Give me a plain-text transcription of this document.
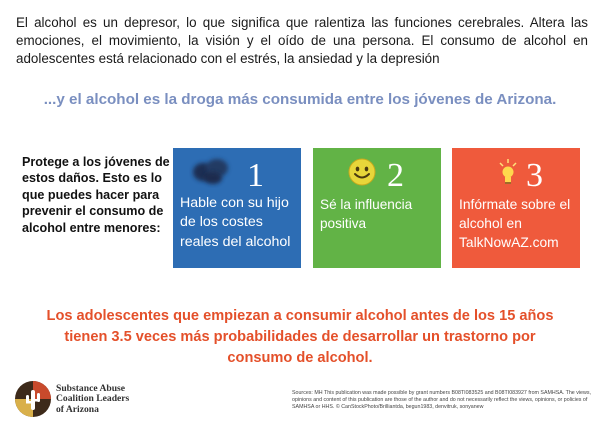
El alcohol es un depresor, lo que significa que ralentiza las funciones cerebrales. Altera las emociones, el movimiento, la visión y el oído de una persona. El consumo de alcohol en adolescentes está relacionado con el estrés, la ansiedad y la depresión
...y el alcohol es la droga más consumida entre los jóvenes de Arizona.
Protege a los jóvenes de estos daños. Esto es lo que puedes hacer para prevenir el consumo de alcohol entre menores:
1
Hable con su hijo de los costes reales del alcohol
2
Sé la influencia positiva
3
Infórmate sobre el alcohol en TalkNowAZ.com
Los adolescentes que empiezan a consumir alcohol antes de los 15 años tienen 3.5 veces más probabilidades de desarrollar un trastorno por consumo de alcohol.
Substance Abuse
Coalition Leaders
of Arizona
Sources: MH This publication was made possible by grant numbers B08TI083525 and B08TI083927 from SAMHSA. The views, opinions and content of this publication are those of the author and do not necessarily reflect the views, opinions, or policies of SAMHSA or HHS. © CanStockPhoto/Brilliantda, begun1983, denvitruk, sonyanew
